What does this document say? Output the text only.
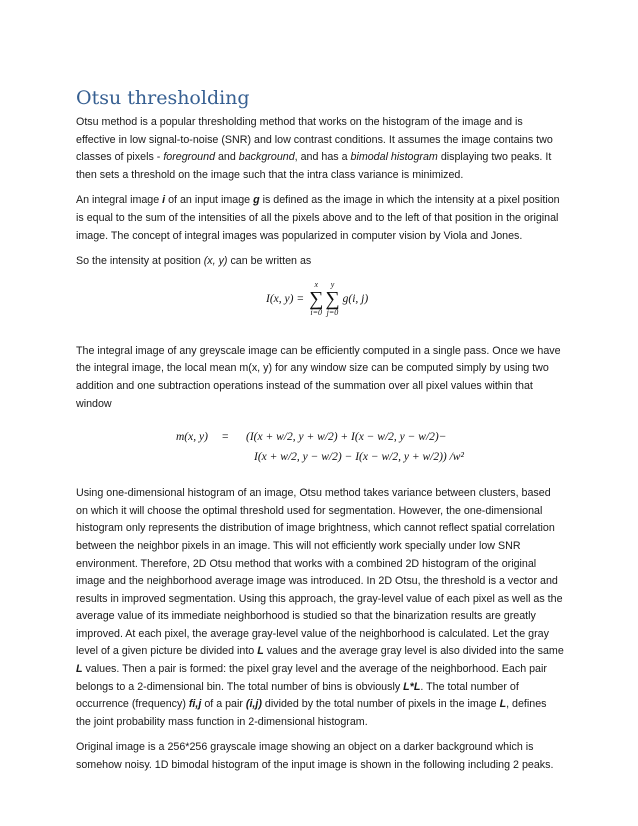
Otsu thresholding

Otsu method is a popular thresholding method that works on the histogram of the image and is effective in low signal-to-noise (SNR) and low contrast conditions. It assumes the image contains two classes of pixels - foreground and background, and has a bimodal histogram displaying two peaks. It then sets a threshold on the image such that the intra class variance is minimized.

An integral image i of an input image g is defined as the image in which the intensity at a pixel position is equal to the sum of the intensities of all the pixels above and to the left of that position in the original image. The concept of integral images was popularized in computer vision by Viola and Jones.

So the intensity at position (x, y) can be written as

I(x, y) =
x
∑
i=0
y
∑
j=0
g(i, j)

The integral image of any greyscale image can be efficiently computed in a single pass. Once we have the integral image, the local mean m(x, y) for any window size can be computed simply by using two addition and one subtraction operations instead of the summation over all pixel values within that window

m(x, y) = (I(x + w/2, y + w/2) + I(x − w/2, y − w/2)−
I(x + w/2, y − w/2) − I(x − w/2, y + w/2)) /w²

Using one-dimensional histogram of an image, Otsu method takes variance between clusters, based on which it will choose the optimal threshold used for segmentation. However, the one-dimensional histogram only represents the distribution of image brightness, which cannot reflect spatial correlation between the neighbor pixels in an image. This will not efficiently work specially under low SNR environment. Therefore, 2D Otsu method that works with a combined 2D histogram of the original image and the neighborhood average image was introduced. In 2D Otsu, the threshold is a vector and results in improved segmentation. Using this approach, the gray-level value of each pixel as well as the average value of its immediate neighborhood is studied so that the binarization results are greatly improved. At each pixel, the average gray-level value of the neighborhood is calculated. Let the gray level of a given picture be divided into L values and the average gray level is also divided into the same L values. Then a pair is formed: the pixel gray level and the average of the neighborhood. Each pair belongs to a 2-dimensional bin. The total number of bins is obviously L*L. The total number of occurrence (frequency) fi,j of a pair (i,j) divided by the total number of pixels in the image L, defines the joint probability mass function in 2-dimensional histogram.

Original image is a 256*256 grayscale image showing an object on a darker background which is somehow noisy. 1D bimodal histogram of the input image is shown in the following including 2 peaks.
